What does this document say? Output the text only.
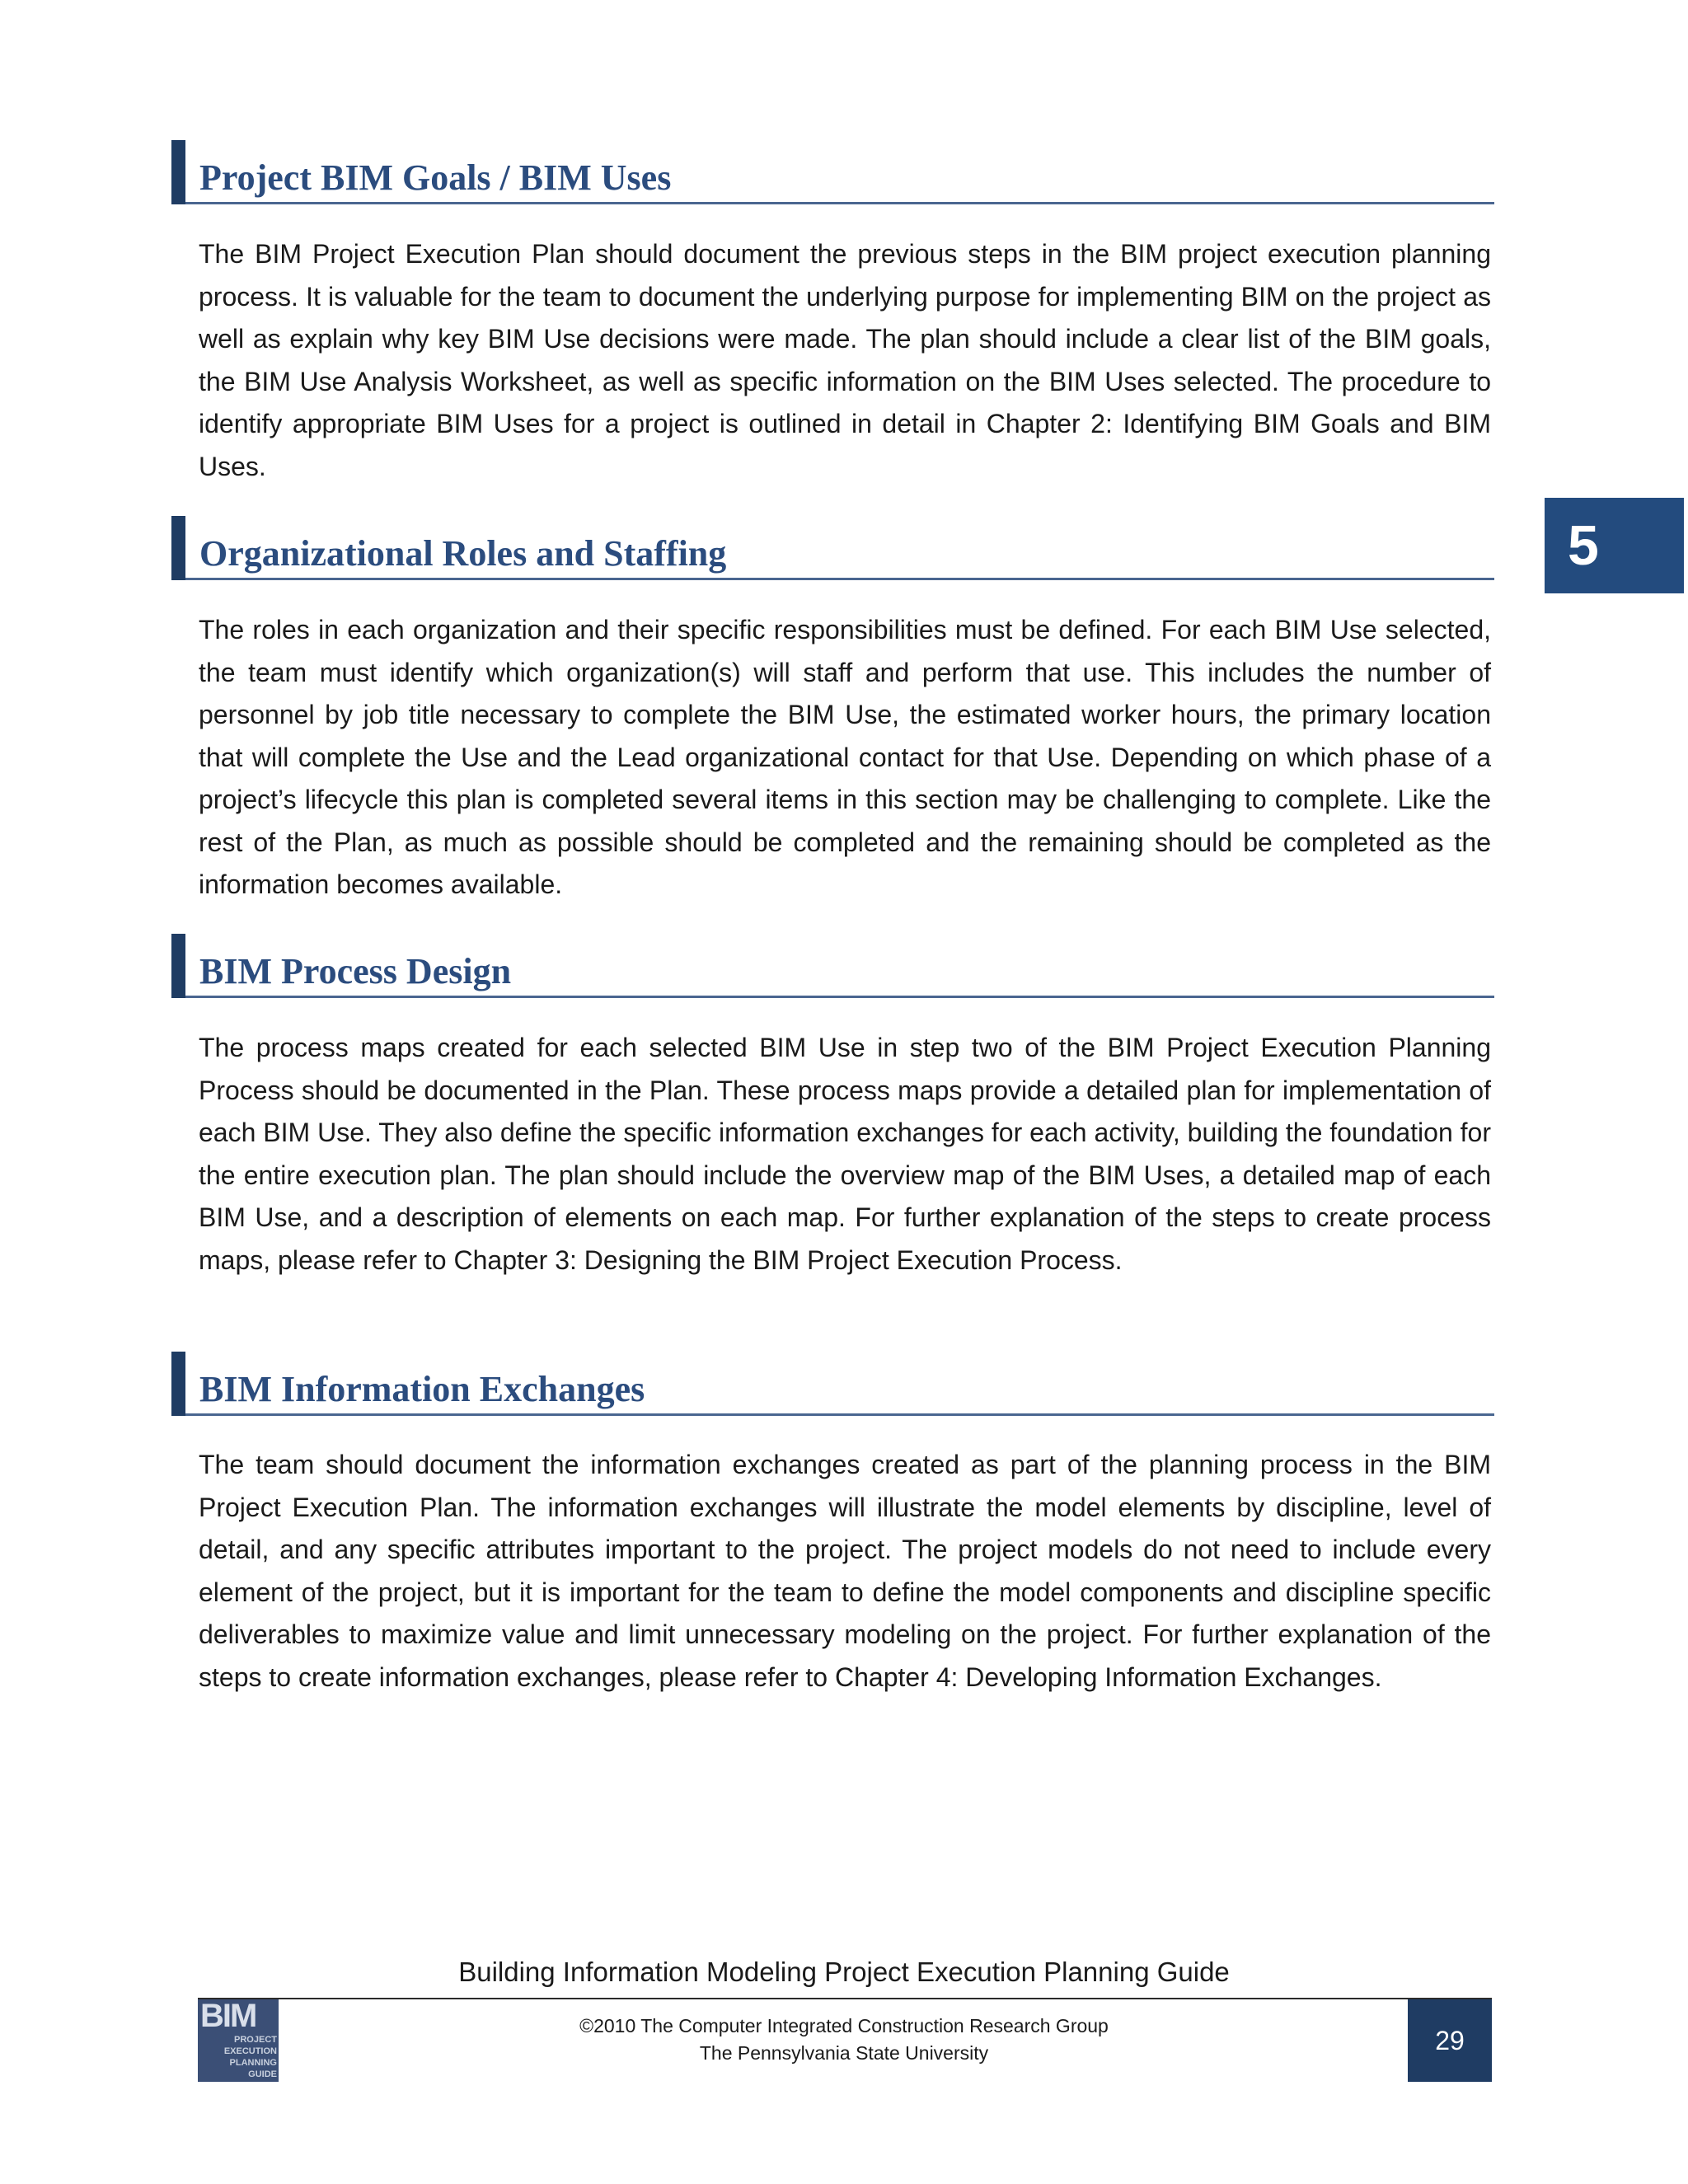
Project BIM Goals / BIM Uses
The BIM Project Execution Plan should document the previous steps in the BIM project execution planning process. It is valuable for the team to document the underlying purpose for implementing BIM on the project as well as explain why key BIM Use decisions were made. The plan should include a clear list of the BIM goals, the BIM Use Analysis Worksheet, as well as specific information on the BIM Uses selected. The procedure to identify appropriate BIM Uses for a project is outlined in detail in Chapter 2: Identifying BIM Goals and BIM Uses.
Organizational Roles and Staffing
The roles in each organization and their specific responsibilities must be defined. For each BIM Use selected, the team must identify which organization(s) will staff and perform that use. This includes the number of personnel by job title necessary to complete the BIM Use, the estimated worker hours, the primary location that will complete the Use and the Lead organizational contact for that Use. Depending on which phase of a project’s lifecycle this plan is completed several items in this section may be challenging to complete. Like the rest of the Plan, as much as possible should be completed and the remaining should be completed as the information becomes available.
BIM Process Design
The process maps created for each selected BIM Use in step two of the BIM Project Execution Planning Process should be documented in the Plan. These process maps provide a detailed plan for implementation of each BIM Use. They also define the specific information exchanges for each activity, building the foundation for the entire execution plan. The plan should include the overview map of the BIM Uses, a detailed map of each BIM Use, and a description of elements on each map. For further explanation of the steps to create process maps, please refer to Chapter 3: Designing the BIM Project Execution Process.
BIM Information Exchanges
The team should document the information exchanges created as part of the planning process in the BIM Project Execution Plan. The information exchanges will illustrate the model elements by discipline, level of detail, and any specific attributes important to the project. The project models do not need to include every element of the project, but it is important for the team to define the model components and discipline specific deliverables to maximize value and limit unnecessary modeling on the project. For further explanation of the steps to create information exchanges, please refer to Chapter 4: Developing Information Exchanges.
5
Building Information Modeling Project Execution Planning Guide
BIM
PROJECT
EXECUTION
PLANNING
GUIDE
©2010 The Computer Integrated Construction Research Group
The Pennsylvania State University	29
